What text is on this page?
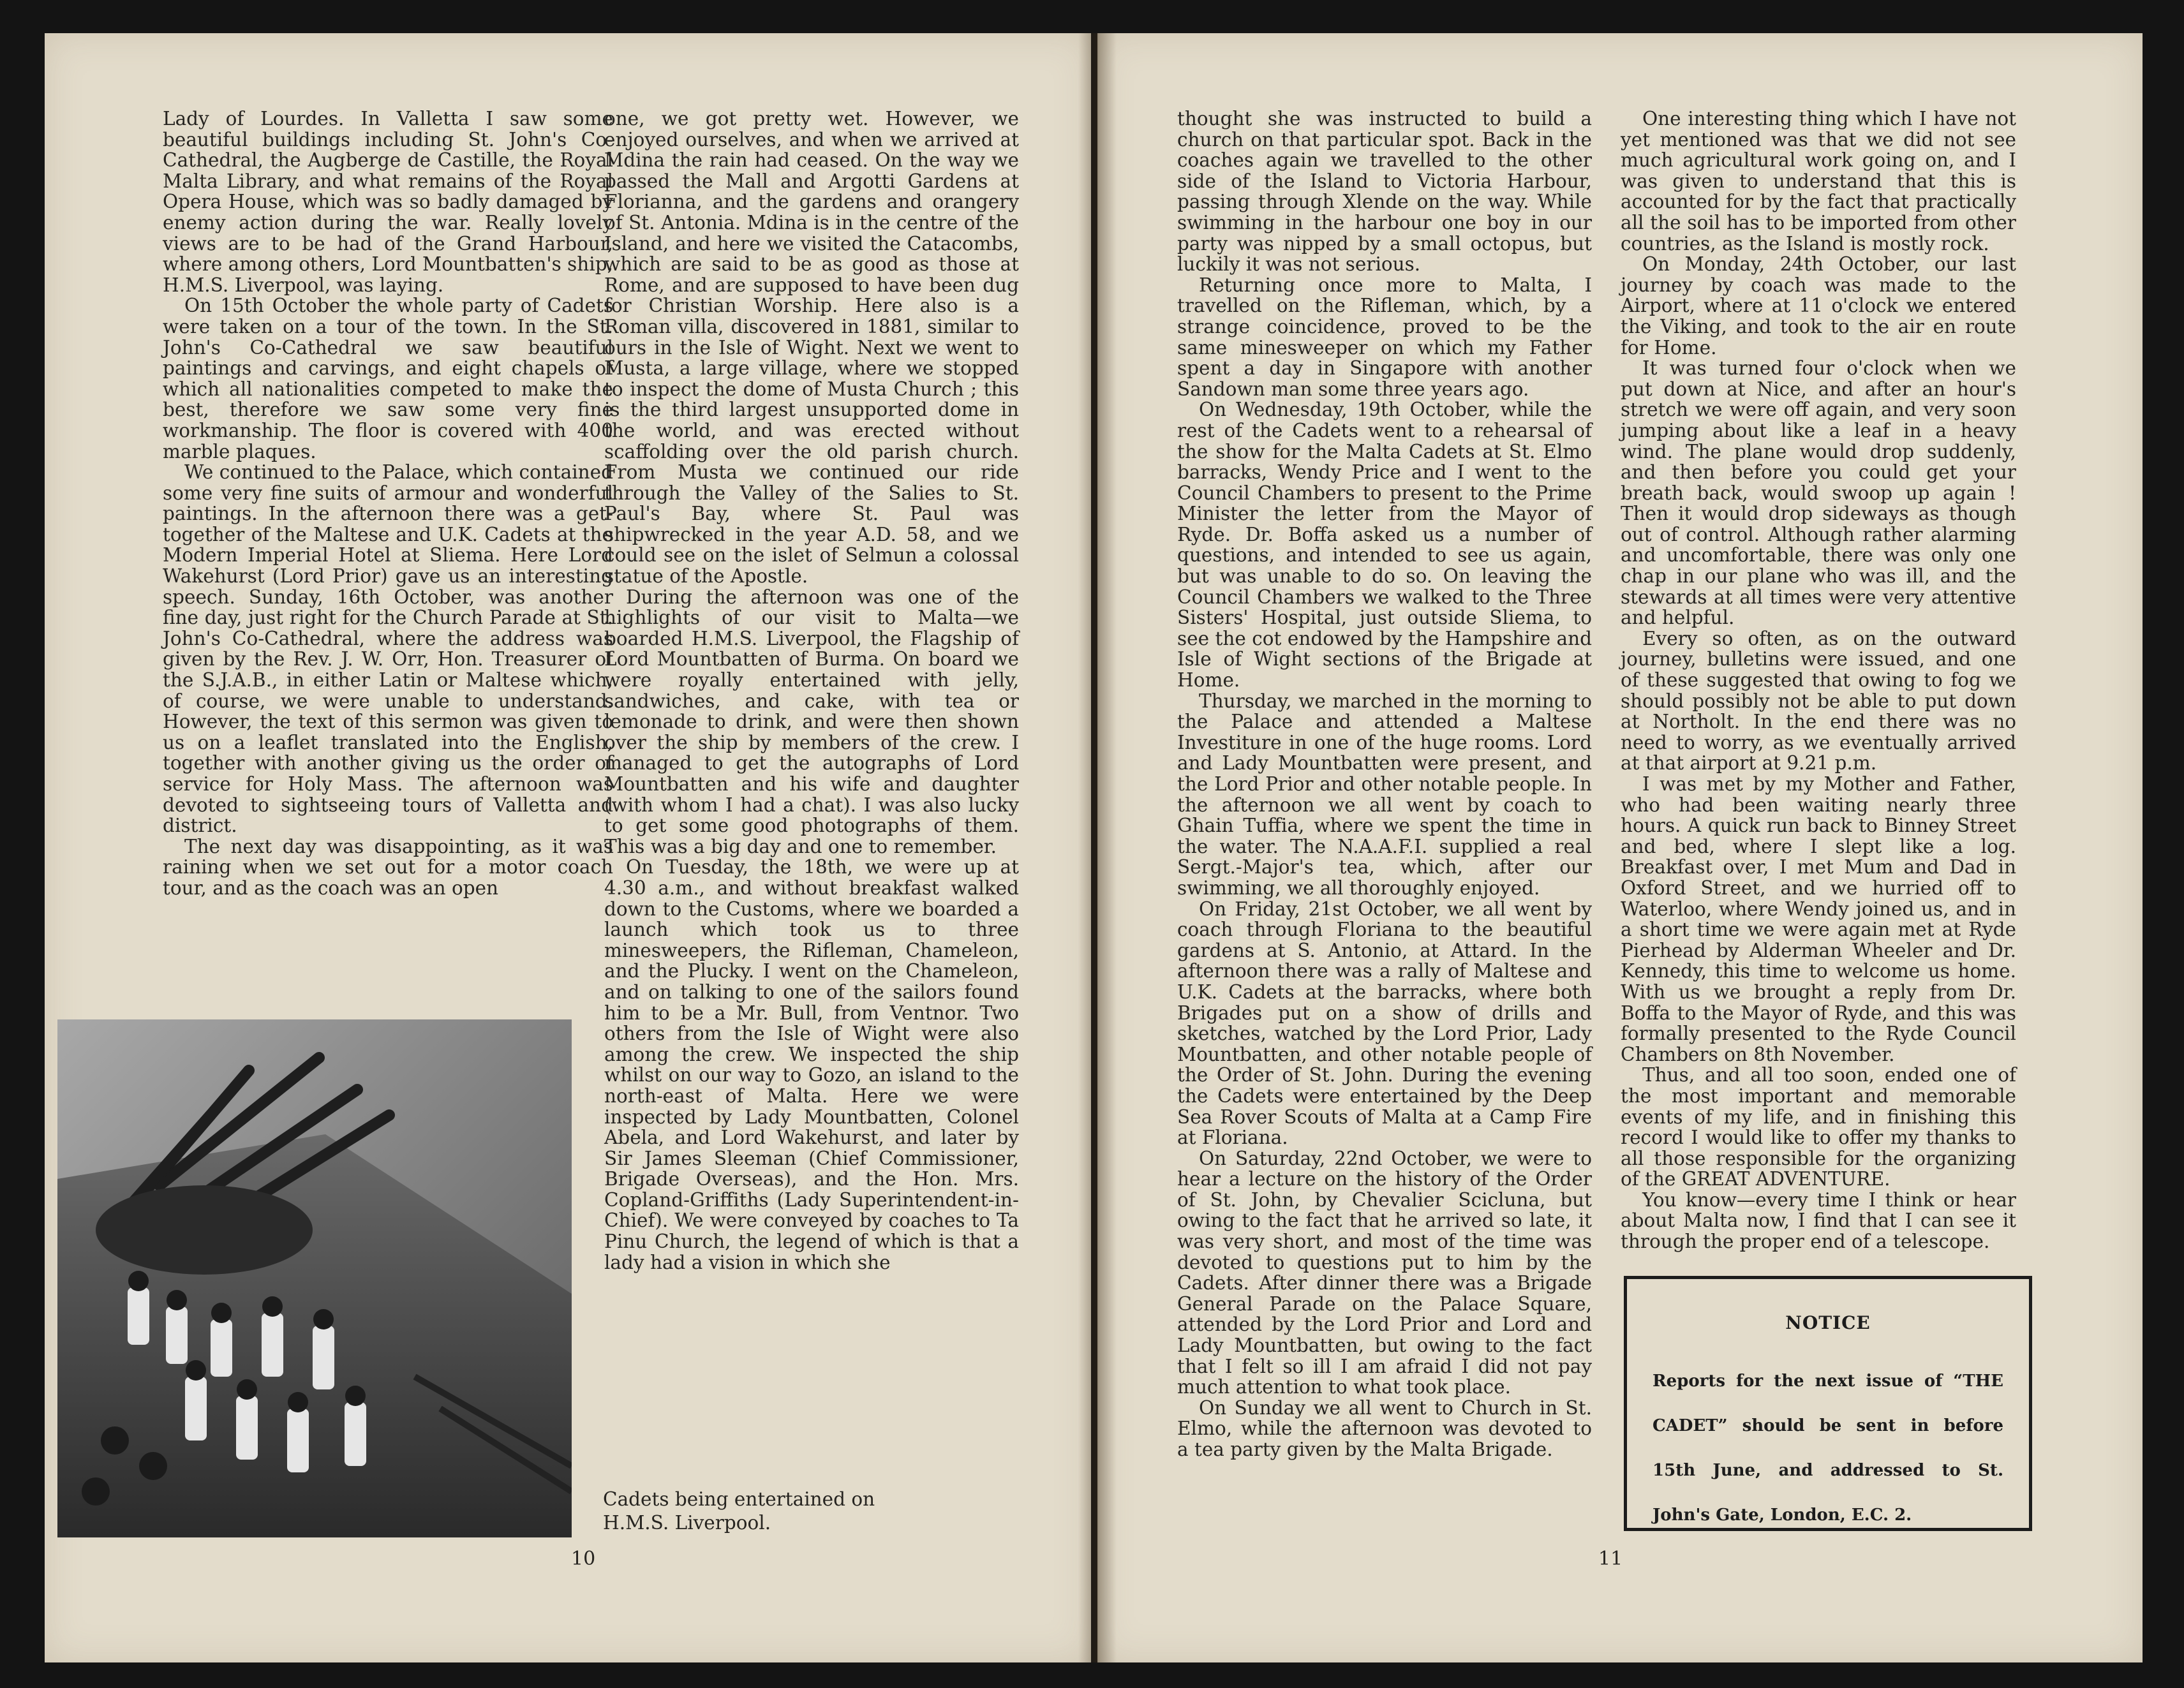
Lady of Lourdes. In Valletta I saw some beautiful buildings including St. John's Co-Cathedral, the Augberge de Castille, the Royal Malta Library, and what remains of the Royal Opera House, which was so badly damaged by enemy action during the war. Really lovely views are to be had of the Grand Harbour, where among others, Lord Mountbatten's ship, H.M.S. Liverpool, was laying.

On 15th October the whole party of Cadets were taken on a tour of the town. In the St. John's Co-Cathedral we saw beautiful paintings and carvings, and eight chapels of which all nationalities competed to make the best, therefore we saw some very fine workmanship. The floor is covered with 400 marble plaques.

We continued to the Palace, which contained some very fine suits of armour and wonderful paintings. In the afternoon there was a get-together of the Maltese and U.K. Cadets at the Modern Imperial Hotel at Sliema. Here Lord Wakehurst (Lord Prior) gave us an interesting speech. Sunday, 16th October, was another fine day, just right for the Church Parade at St. John's Co-Cathedral, where the address was given by the Rev. J. W. Orr, Hon. Treasurer of the S.J.A.B., in either Latin or Maltese which, of course, we were unable to understand. However, the text of this sermon was given to us on a leaflet translated into the English, together with another giving us the order of service for Holy Mass. The afternoon was devoted to sightseeing tours of Valletta and district.

The next day was disappointing, as it was raining when we set out for a motor coach tour, and as the coach was an open

one, we got pretty wet. However, we enjoyed ourselves, and when we arrived at Mdina the rain had ceased. On the way we passed the Mall and Argotti Gardens at Florianna, and the gardens and orangery of St. Antonia. Mdina is in the centre of the Island, and here we visited the Catacombs, which are said to be as good as those at Rome, and are supposed to have been dug for Christian Worship. Here also is a Roman villa, discovered in 1881, similar to ours in the Isle of Wight. Next we went to Musta, a large village, where we stopped to inspect the dome of Musta Church ; this is the third largest unsupported dome in the world, and was erected without scaffolding over the old parish church. From Musta we continued our ride through the Valley of the Salies to St. Paul's Bay, where St. Paul was shipwrecked in the year A.D. 58, and we could see on the islet of Selmun a colossal statue of the Apostle.

During the afternoon was one of the highlights of our visit to Malta—we boarded H.M.S. Liverpool, the Flagship of Lord Mountbatten of Burma. On board we were royally entertained with jelly, sandwiches, and cake, with tea or lemonade to drink, and were then shown over the ship by members of the crew. I managed to get the autographs of Lord Mountbatten and his wife and daughter (with whom I had a chat). I was also lucky to get some good photographs of them. This was a big day and one to remember.

On Tuesday, the 18th, we were up at 4.30 a.m., and without breakfast walked down to the Customs, where we boarded a launch which took us to three minesweepers, the Rifleman, Chameleon, and the Plucky. I went on the Chameleon, and on talking to one of the sailors found him to be a Mr. Bull, from Ventnor. Two others from the Isle of Wight were also among the crew. We inspected the ship whilst on our way to Gozo, an island to the north-east of Malta. Here we were inspected by Lady Mountbatten, Colonel Abela, and Lord Wakehurst, and later by Sir James Sleeman (Chief Commissioner, Brigade Overseas), and the Hon. Mrs. Copland-Griffiths (Lady Superintendent-in-Chief). We were conveyed by coaches to Ta Pinu Church, the legend of which is that a lady had a vision in which she

Cadets being entertained on
H.M.S. Liverpool.
10

thought she was instructed to build a church on that particular spot. Back in the coaches again we travelled to the other side of the Island to Victoria Harbour, passing through Xlende on the way. While swimming in the harbour one boy in our party was nipped by a small octopus, but luckily it was not serious.

Returning once more to Malta, I travelled on the Rifleman, which, by a strange coincidence, proved to be the same minesweeper on which my Father spent a day in Singapore with another Sandown man some three years ago.

On Wednesday, 19th October, while the rest of the Cadets went to a rehearsal of the show for the Malta Cadets at St. Elmo barracks, Wendy Price and I went to the Council Chambers to present to the Prime Minister the letter from the Mayor of Ryde. Dr. Boffa asked us a number of questions, and intended to see us again, but was unable to do so. On leaving the Council Chambers we walked to the Three Sisters' Hospital, just outside Sliema, to see the cot endowed by the Hampshire and Isle of Wight sections of the Brigade at Home.

Thursday, we marched in the morning to the Palace and attended a Maltese Investiture in one of the huge rooms. Lord and Lady Mountbatten were present, and the Lord Prior and other notable people. In the afternoon we all went by coach to Ghain Tuffia, where we spent the time in the water. The N.A.A.F.I. supplied a real Sergt.-Major's tea, which, after our swimming, we all thoroughly enjoyed.

On Friday, 21st October, we all went by coach through Floriana to the beautiful gardens at S. Antonio, at Attard. In the afternoon there was a rally of Maltese and U.K. Cadets at the barracks, where both Brigades put on a show of drills and sketches, watched by the Lord Prior, Lady Mountbatten, and other notable people of the Order of St. John. During the evening the Cadets were entertained by the Deep Sea Rover Scouts of Malta at a Camp Fire at Floriana.

On Saturday, 22nd October, we were to hear a lecture on the history of the Order of St. John, by Chevalier Scicluna, but owing to the fact that he arrived so late, it was very short, and most of the time was devoted to questions put to him by the Cadets. After dinner there was a Brigade General Parade on the Palace Square, attended by the Lord Prior and Lord and Lady Mountbatten, but owing to the fact that I felt so ill I am afraid I did not pay much attention to what took place.

On Sunday we all went to Church in St. Elmo, while the afternoon was devoted to a tea party given by the Malta Brigade.

One interesting thing which I have not yet mentioned was that we did not see much agricultural work going on, and I was given to understand that this is accounted for by the fact that practically all the soil has to be imported from other countries, as the Island is mostly rock.

On Monday, 24th October, our last journey by coach was made to the Airport, where at 11 o'clock we entered the Viking, and took to the air en route for Home.

It was turned four o'clock when we put down at Nice, and after an hour's stretch we were off again, and very soon jumping about like a leaf in a heavy wind. The plane would drop suddenly, and then before you could get your breath back, would swoop up again ! Then it would drop sideways as though out of control. Although rather alarming and uncomfortable, there was only one chap in our plane who was ill, and the stewards at all times were very attentive and helpful.

Every so often, as on the outward journey, bulletins were issued, and one of these suggested that owing to fog we should possibly not be able to put down at Northolt. In the end there was no need to worry, as we eventually arrived at that airport at 9.21 p.m.

I was met by my Mother and Father, who had been waiting nearly three hours. A quick run back to Binney Street and bed, where I slept like a log. Breakfast over, I met Mum and Dad in Oxford Street, and we hurried off to Waterloo, where Wendy joined us, and in a short time we were again met at Ryde Pierhead by Alderman Wheeler and Dr. Kennedy, this time to welcome us home. With us we brought a reply from Dr. Boffa to the Mayor of Ryde, and this was formally presented to the Ryde Council Chambers on 8th November.

Thus, and all too soon, ended one of the most important and memorable events of my life, and in finishing this record I would like to offer my thanks to all those responsible for the organizing of the GREAT ADVENTURE.

You know—every time I think or hear about Malta now, I find that I can see it through the proper end of a telescope.

NOTICE
Reports for the next issue of “THE CADET” should be sent in before 15th June, and addressed to St. John's Gate, London, E.C. 2.
11
